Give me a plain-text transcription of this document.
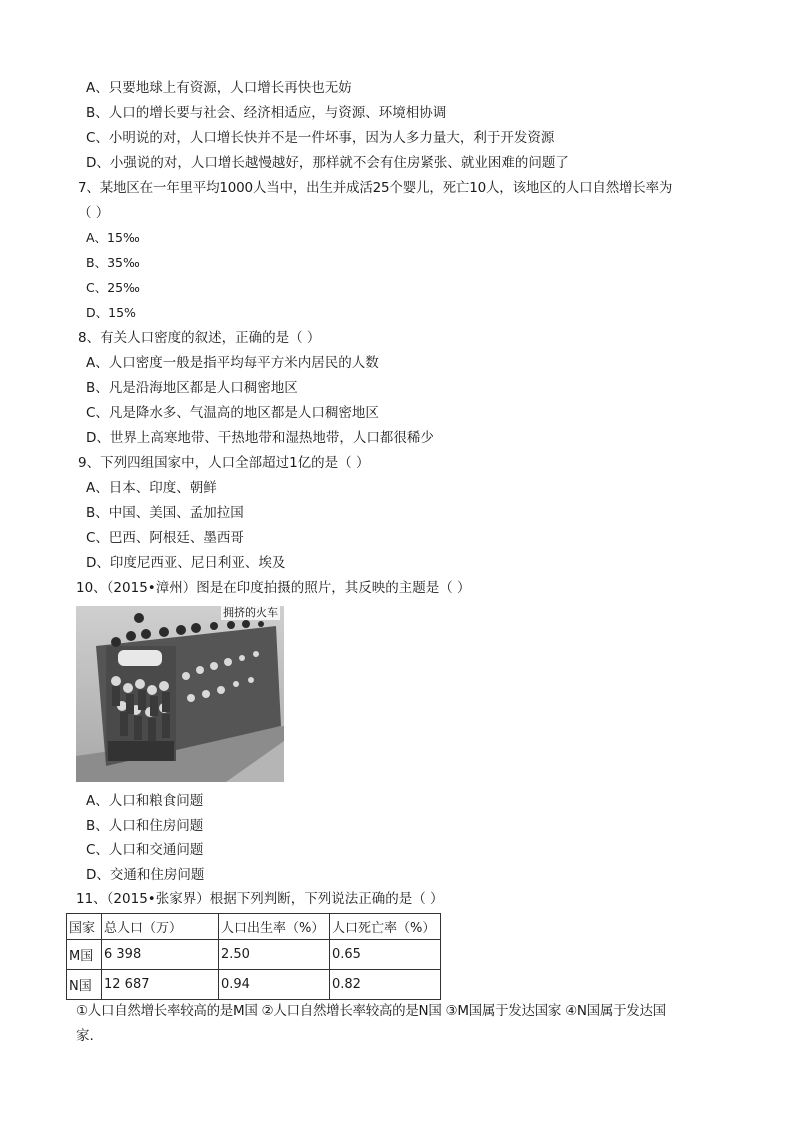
A、只要地球上有资源，人口增长再快也无妨
B、人口的增长要与社会、经济相适应，与资源、环境相协调
C、小明说的对，人口增长快并不是一件坏事，因为人多力量大，利于开发资源
D、小强说的对，人口增长越慢越好，那样就不会有住房紧张、就业困难的问题了
7、某地区在一年里平均1000人当中，出生并成活25个婴儿，死亡10人，该地区的人口自然增长率为
（ ）
A、15‰
B、35‰
C、25‰
D、15%
8、有关人口密度的叙述，正确的是（ ）
A、人口密度一般是指平均每平方米内居民的人数
B、凡是沿海地区都是人口稠密地区
C、凡是降水多、气温高的地区都是人口稠密地区
D、世界上高寒地带、干热地带和湿热地带，人口都很稀少
9、下列四组国家中，人口全部超过1亿的是（ ）
A、日本、印度、朝鲜
B、中国、美国、孟加拉国
C、巴西、阿根廷、墨西哥
D、印度尼西亚、尼日利亚、埃及
10、（2015•漳州）图是在印度拍摄的照片，其反映的主题是（ ）
拥挤的火车
A、人口和粮食问题
B、人口和住房问题
C、人口和交通问题
D、交通和住房问题
11、（2015•张家界）根据下列判断，下列说法正确的是（ ）
国家	总人口（万）	人口出生率（%）	人口死亡率（%）
M国	6 398	2.50	0.65
N国	12 687	0.94	0.82
①人口自然增长率较高的是M国 ②人口自然增长率较高的是N国 ③M国属于发达国家 ④N国属于发达国
家.
